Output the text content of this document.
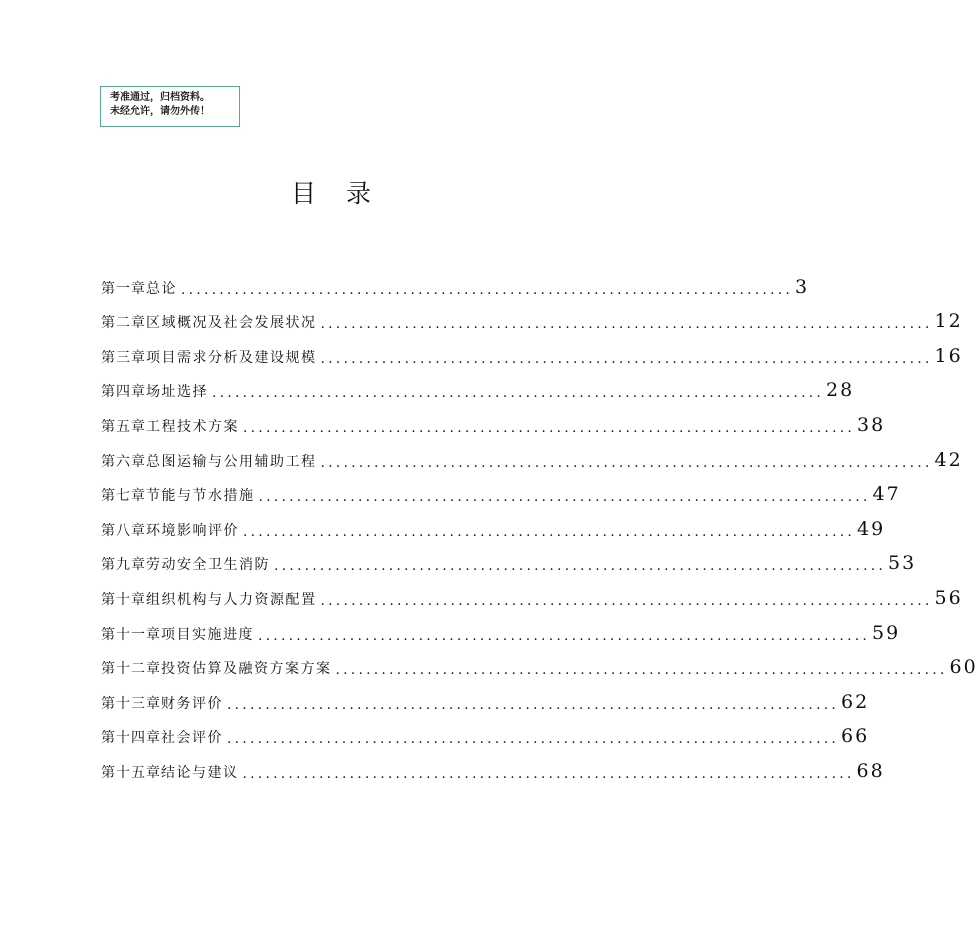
考准通过，归档资料。
未经允许，请勿外传！
目录
第一章 总论 ................................................................................ 3
第二章 区域概况及社会发展状况 ................................................................................ 12
第三章 项目需求分析及建设规模 ................................................................................ 16
第四章 场址选择 ................................................................................ 28
第五章 工程技术方案 ................................................................................ 38
第六章 总图运输与公用辅助工程 ................................................................................ 42
第七章 节能与节水措施 ................................................................................ 47
第八章 环境影响评价 ................................................................................ 49
第九章 劳动安全卫生消防 ................................................................................ 53
第十章 组织机构与人力资源配置 ................................................................................ 56
第十一章 项目实施进度 ................................................................................ 59
第十二章 投资估算及融资方案方案 ................................................................................ 60
第十三章 财务评价 ................................................................................ 62
第十四章 社会评价 ................................................................................ 66
第十五章 结论与建议 ................................................................................ 68
